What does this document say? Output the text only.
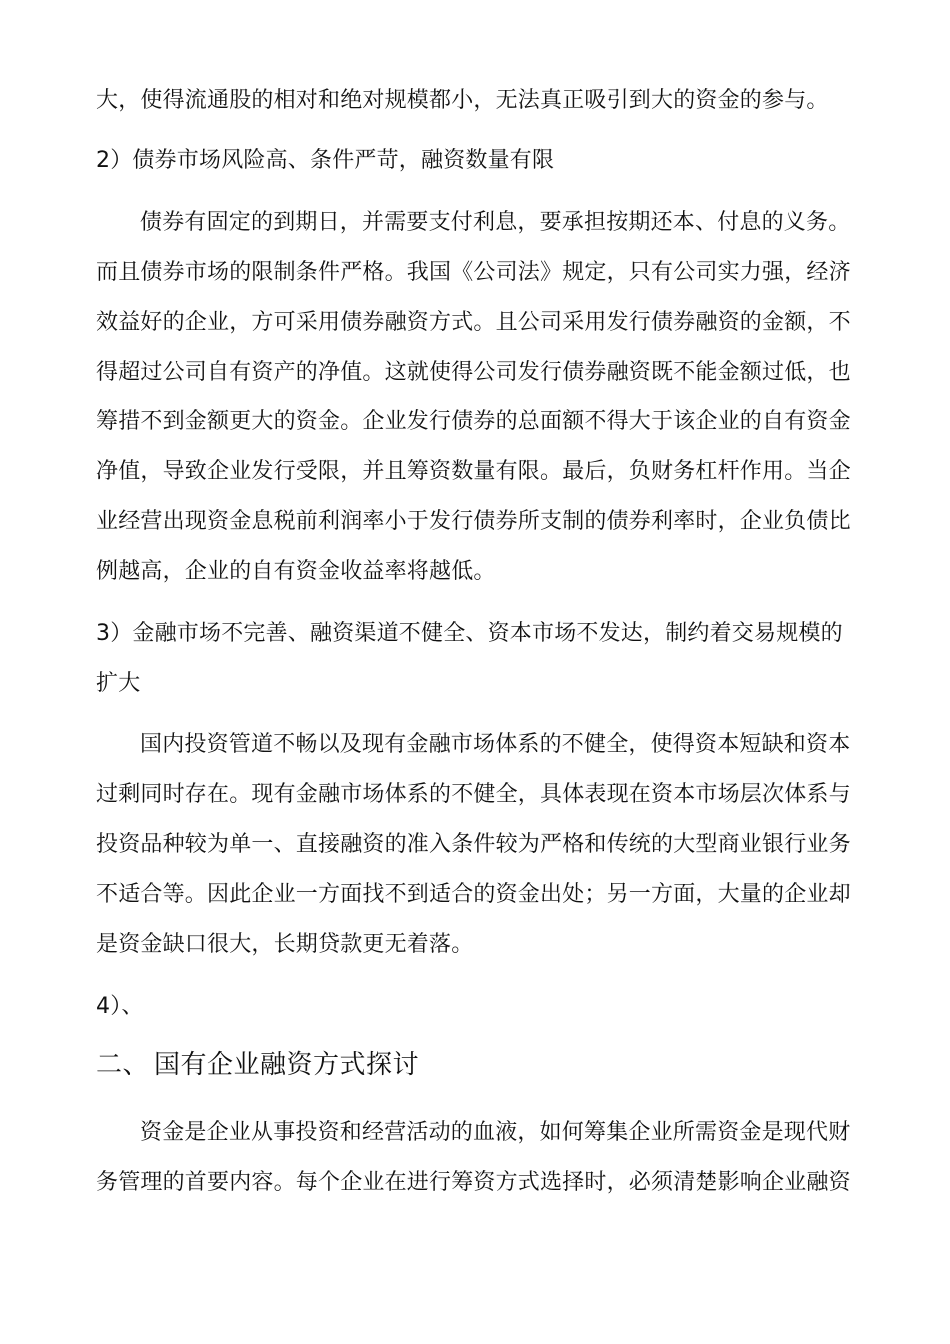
大，使得流通股的相对和绝对规模都小，无法真正吸引到大的资金的参与。
2）债券市场风险高、条件严苛，融资数量有限
债券有固定的到期日，并需要支付利息，要承担按期还本、付息的义务。
而且债券市场的限制条件严格。我国《公司法》规定，只有公司实力强，经济
效益好的企业，方可采用债券融资方式。且公司采用发行债券融资的金额，不
得超过公司自有资产的净值。这就使得公司发行债券融资既不能金额过低，也
筹措不到金额更大的资金。企业发行债券的总面额不得大于该企业的自有资金
净值，导致企业发行受限，并且筹资数量有限。最后，负财务杠杆作用。当企
业经营出现资金息税前利润率小于发行债券所支制的债券利率时，企业负债比
例越高，企业的自有资金收益率将越低。
3）金融市场不完善、融资渠道不健全、资本市场不发达，制约着交易规模的
扩大
国内投资管道不畅以及现有金融市场体系的不健全，使得资本短缺和资本
过剩同时存在。现有金融市场体系的不健全，具体表现在资本市场层次体系与
投资品种较为单一、直接融资的准入条件较为严格和传统的大型商业银行业务
不适合等。因此企业一方面找不到适合的资金出处；另一方面，大量的企业却
是资金缺口很大，长期贷款更无着落。
4）、
二、 国有企业融资方式探讨
资金是企业从事投资和经营活动的血液，如何筹集企业所需资金是现代财
务管理的首要内容。每个企业在进行筹资方式选择时，必须清楚影响企业融资
